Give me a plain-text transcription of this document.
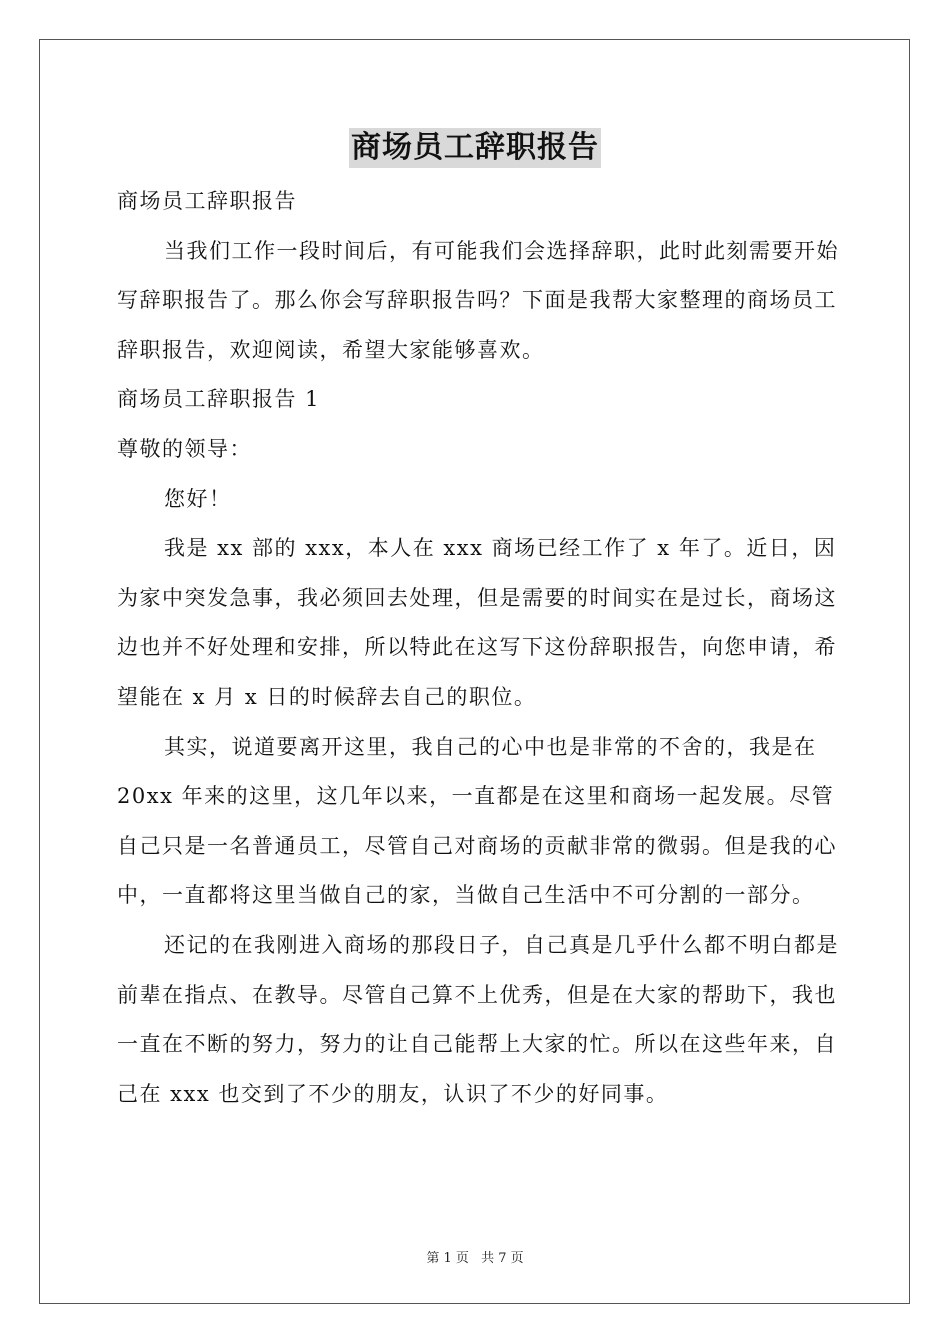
商场员工辞职报告

商场员工辞职报告

当我们工作一段时间后，有可能我们会选择辞职，此时此刻需要开始写辞职报告了。那么你会写辞职报告吗？下面是我帮大家整理的商场员工辞职报告，欢迎阅读，希望大家能够喜欢。

商场员工辞职报告 1

尊敬的领导：

您好！

我是 xx 部的 xxx，本人在 xxx 商场已经工作了 x 年了。近日，因为家中突发急事，我必须回去处理，但是需要的时间实在是过长，商场这边也并不好处理和安排，所以特此在这写下这份辞职报告，向您申请，希望能在 x 月 x 日的时候辞去自己的职位。

其实，说道要离开这里，我自己的心中也是非常的不舍的，我是在 20xx 年来的这里，这几年以来，一直都是在这里和商场一起发展。尽管自己只是一名普通员工，尽管自己对商场的贡献非常的微弱。但是我的心中，一直都将这里当做自己的家，当做自己生活中不可分割的一部分。

还记的在我刚进入商场的那段日子，自己真是几乎什么都不明白都是前辈在指点、在教导。尽管自己算不上优秀，但是在大家的帮助下，我也一直在不断的努力，努力的让自己能帮上大家的忙。所以在这些年来，自己在 xxx 也交到了不少的朋友，认识了不少的好同事。

第 1 页 共 7 页
